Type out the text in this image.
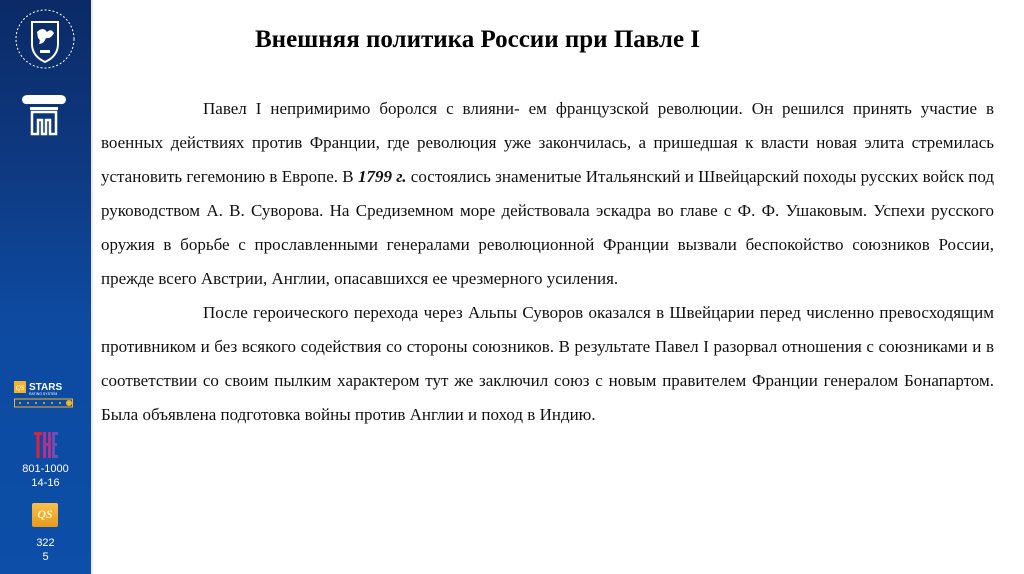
QS STARS
RATING SYSTEM
801-1000
14-16
QS
322
5
Внешняя политика России при Павле I

Павел I непримиримо боролся с влияни- ем французской революции. Он решился принять участие в военных действиях против Франции, где революция уже закончилась, а пришедшая к власти новая элита стремилась установить гегемонию в Европе. В 1799 г. состоялись знаменитые Итальянский и Швейцарский походы русских войск под руководством А. В. Суворова. На Средиземном море действовала эскадра во главе с Ф. Ф. Ушаковым. Успехи русского оружия в борьбе с прославленными генералами революционной Франции вызвали беспокойство союзников России, прежде всего Австрии, Англии, опасавшихся ее чрезмерного усиления.

После героического перехода через Альпы Суворов оказался в Швейцарии перед численно превосходящим противником и без всякого содействия со стороны союзников. В результате Павел I разорвал отношения с союзниками и в соответствии со своим пылким характером тут же заключил союз с новым правителем Франции генералом Бонапартом. Была объявлена подготовка войны против Англии и поход в Индию.
